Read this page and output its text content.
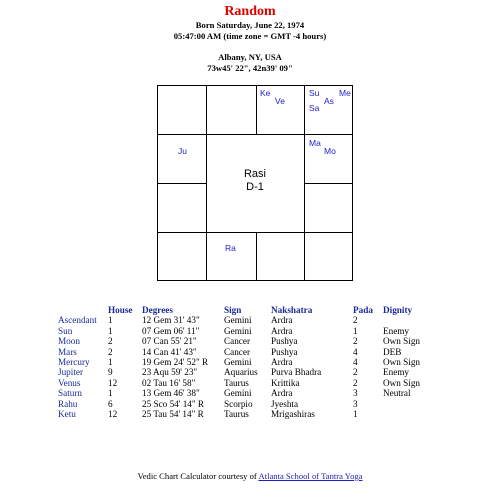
Random
Born Saturday, June 22, 1974
05:47:00 AM (time zone = GMT -4 hours)
Albany, NY, USA
73w45' 22", 42n39' 09"
Rasi
D-1
Ke
Ve
Su
As
Sa
Me
Ju
Ma
Mo
Ra
	House	Degrees	Sign	Nakshatra	Pada	Dignity
Ascendant	1	12 Gem 31' 43"	Gemini	Ardra	2	
Sun	1	07 Gem 06' 11"	Gemini	Ardra	1	Enemy
Moon	2	07 Can 55' 21"	Cancer	Pushya	2	Own Sign
Mars	2	14 Can 41' 43"	Cancer	Pushya	4	DEB
Mercury	1	19 Gem 24' 52" R	Gemini	Ardra	4	Own Sign
Jupiter	9	23 Aqu 59' 23"	Aquarius	Purva Bhadra	2	Enemy
Venus	12	02 Tau 16' 58"	Taurus	Krittika	2	Own Sign
Saturn	1	13 Gem 46' 38"	Gemini	Ardra	3	Neutral
Rahu	6	25 Sco 54' 14" R	Scorpio	Jyeshta	3	
Ketu	12	25 Tau 54' 14" R	Taurus	Mrigashiras	1	
Vedic Chart Calculator courtesy of Atlanta School of Tantra Yoga
